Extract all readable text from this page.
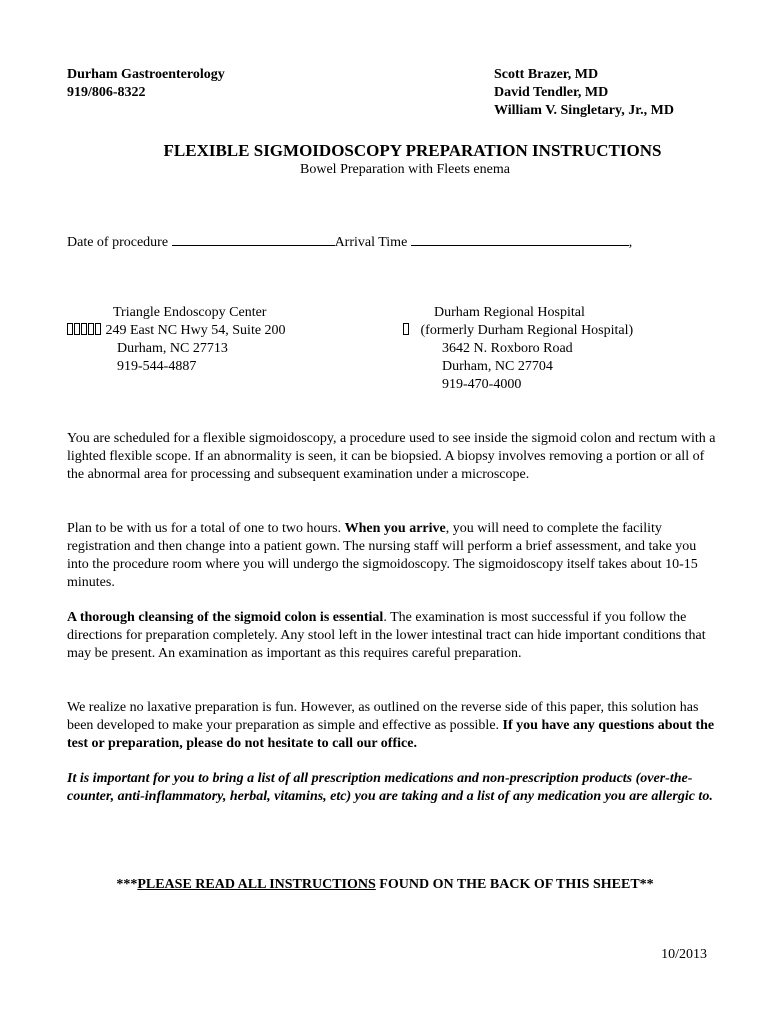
Durham Gastroenterology
919/806-8322
Scott Brazer, MD
David Tendler, MD
William V. Singletary, Jr., MD
FLEXIBLE SIGMOIDOSCOPY PREPARATION INSTRUCTIONS
Bowel Preparation with Fleets enema
Date of procedure	Arrival Time	,
Triangle Endoscopy Center
249 East NC Hwy 54, Suite 200
Durham, NC 27713
919-544-4887
Durham Regional Hospital
(formerly Durham Regional Hospital)
3642 N. Roxboro Road
Durham, NC 27704
919-470-4000

You are scheduled for a flexible sigmoidoscopy, a procedure used to see inside the sigmoid colon and rectum with a lighted flexible scope. If an abnormality is seen, it can be biopsied. A biopsy involves removing a portion or all of the abnormal area for processing and subsequent examination under a microscope.

Plan to be with us for a total of one to two hours. When you arrive, you will need to complete the facility registration and then change into a patient gown. The nursing staff will perform a brief assessment, and take you into the procedure room where you will undergo the sigmoidoscopy. The sigmoidoscopy itself takes about 10-15 minutes.

A thorough cleansing of the sigmoid colon is essential. The examination is most successful if you follow the directions for preparation completely. Any stool left in the lower intestinal tract can hide important conditions that may be present. An examination as important as this requires careful preparation.

We realize no laxative preparation is fun. However, as outlined on the reverse side of this paper, this solution has been developed to make your preparation as simple and effective as possible. If you have any questions about the test or preparation, please do not hesitate to call our office.

It is important for you to bring a list of all prescription medications and non-prescription products (over-the-counter, anti-inflammatory, herbal, vitamins, etc) you are taking and a list of any medication you are allergic to.

***PLEASE READ ALL INSTRUCTIONS FOUND ON THE BACK OF THIS SHEET**
10/2013
